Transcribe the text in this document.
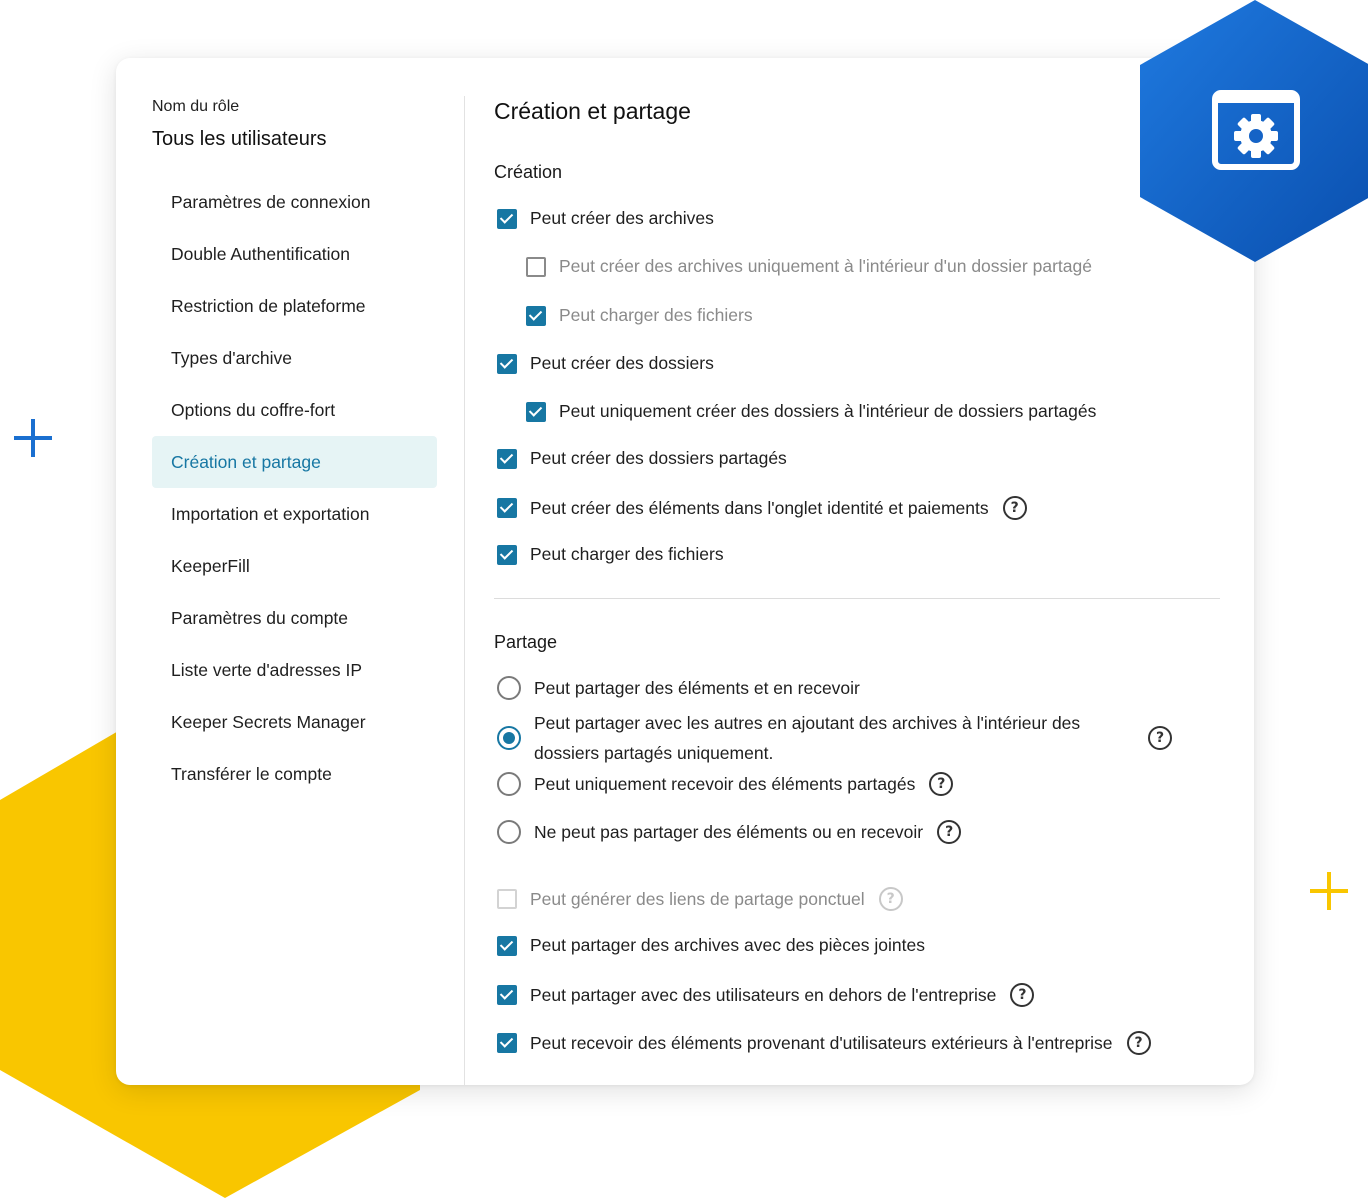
Nom du rôle
Tous les utilisateurs
Paramètres de connexion
Double Authentification
Restriction de plateforme
Types d'archive
Options du coffre-fort
Création et partage
Importation et exportation
KeeperFill
Paramètres du compte
Liste verte d'adresses IP
Keeper Secrets Manager
Transférer le compte
Création et partage
Création
Peut créer des archives
Peut créer des archives uniquement à l'intérieur d'un dossier partagé
Peut charger des fichiers
Peut créer des dossiers
Peut uniquement créer des dossiers à l'intérieur de dossiers partagés
Peut créer des dossiers partagés
Peut créer des éléments dans l'onglet identité et paiements	?
Peut charger des fichiers
Partage
Peut partager des éléments et en recevoir
Peut partager avec les autres en ajoutant des archives à l'intérieur des dossiers partagés uniquement.
?
Peut uniquement recevoir des éléments partagés	?
Ne peut pas partager des éléments ou en recevoir	?
Peut générer des liens de partage ponctuel	?
Peut partager des archives avec des pièces jointes
Peut partager avec des utilisateurs en dehors de l'entreprise	?
Peut recevoir des éléments provenant d'utilisateurs extérieurs à l'entreprise	?
